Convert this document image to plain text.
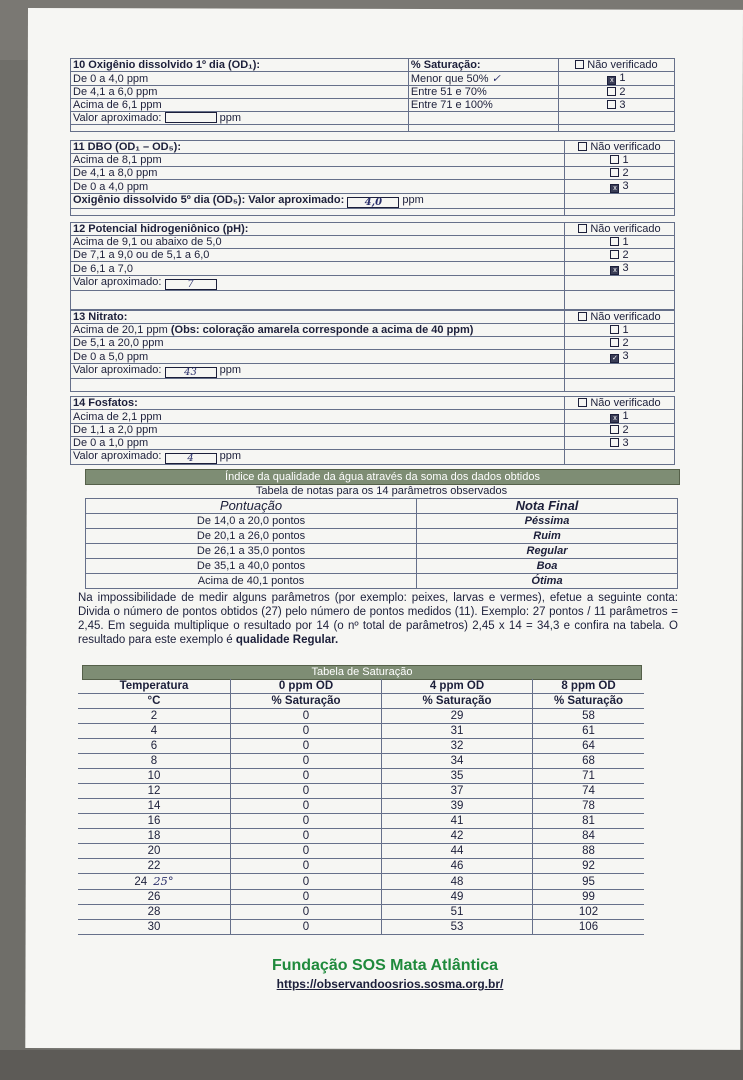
10 Oxigênio dissolvido 1º dia (OD₁):	% Saturação:	Não verificado
De 0 a 4,0 ppm	Menor que 50% ✓	x 1
De 4,1 a 6,0 ppm	Entre 51 e 70%	2
Acima de 6,1 ppm	Entre 71 e 100%	3
Valor aproximado: ppm		

11 DBO (OD₁ – OD₅):	Não verificado
Acima de 8,1 ppm	1
De 4,1 a 8,0 ppm	2
De 0 a 4,0 ppm	x 3
Oxigênio dissolvido 5º dia (OD₅): Valor aproximado: 4,0 ppm	

12 Potencial hidrogeniônico (pH):	Não verificado
Acima de 9,1 ou abaixo de 5,0	1
De 7,1 a 9,0 ou de 5,1 a 6,0	2
De 6,1 a 7,0	x 3
Valor aproximado: 7	

13 Nitrato:	Não verificado
Acima de 20,1 ppm (Obs: coloração amarela corresponde a acima de 40 ppm)	1
De 5,1 a 20,0 ppm	2
De 0 a 5,0 ppm	✓ 3
Valor aproximado: 43 ppm	

14 Fosfatos:	Não verificado
Acima de 2,1 ppm	x 1
De 1,1 a 2,0 ppm	2
De 0 a 1,0 ppm	3
Valor aproximado: 4 ppm	
Índice da qualidade da água através da soma dos dados obtidos
Tabela de notas para os 14 parâmetros observados	
Pontuação	Nota Final
De 14,0 a 20,0 pontos	Péssima
De 20,1 a 26,0 pontos	Ruim
De 26,1 a 35,0 pontos	Regular
De 35,1 a 40,0 pontos	Boa
Acima de 40,1 pontos	Ótima
Na impossibilidade de medir alguns parâmetros (por exemplo: peixes, larvas e vermes), efetue a seguinte conta: Divida o número de pontos obtidos (27) pelo número de pontos medidos (11). Exemplo: 27 pontos / 11 parâmetros = 2,45. Em seguida multiplique o resultado por 14 (o nº total de parâmetros) 2,45 x 14 = 34,3 e confira na tabela. O resultado para este exemplo é qualidade Regular.
Tabela de Saturação
Temperatura	0 ppm OD	4 ppm OD	8 ppm OD
°C	% Saturação	% Saturação	% Saturação
2	0	29	58
4	0	31	61
6	0	32	64
8	0	34	68
10	0	35	71
12	0	37	74
14	0	39	78
16	0	41	81
18	0	42	84
20	0	44	88
22	0	46	92
24 25°	0	48	95
26	0	49	99
28	0	51	102
30	0	53	106
Fundação SOS Mata Atlântica
https://observandoosrios.sosma.org.br/
